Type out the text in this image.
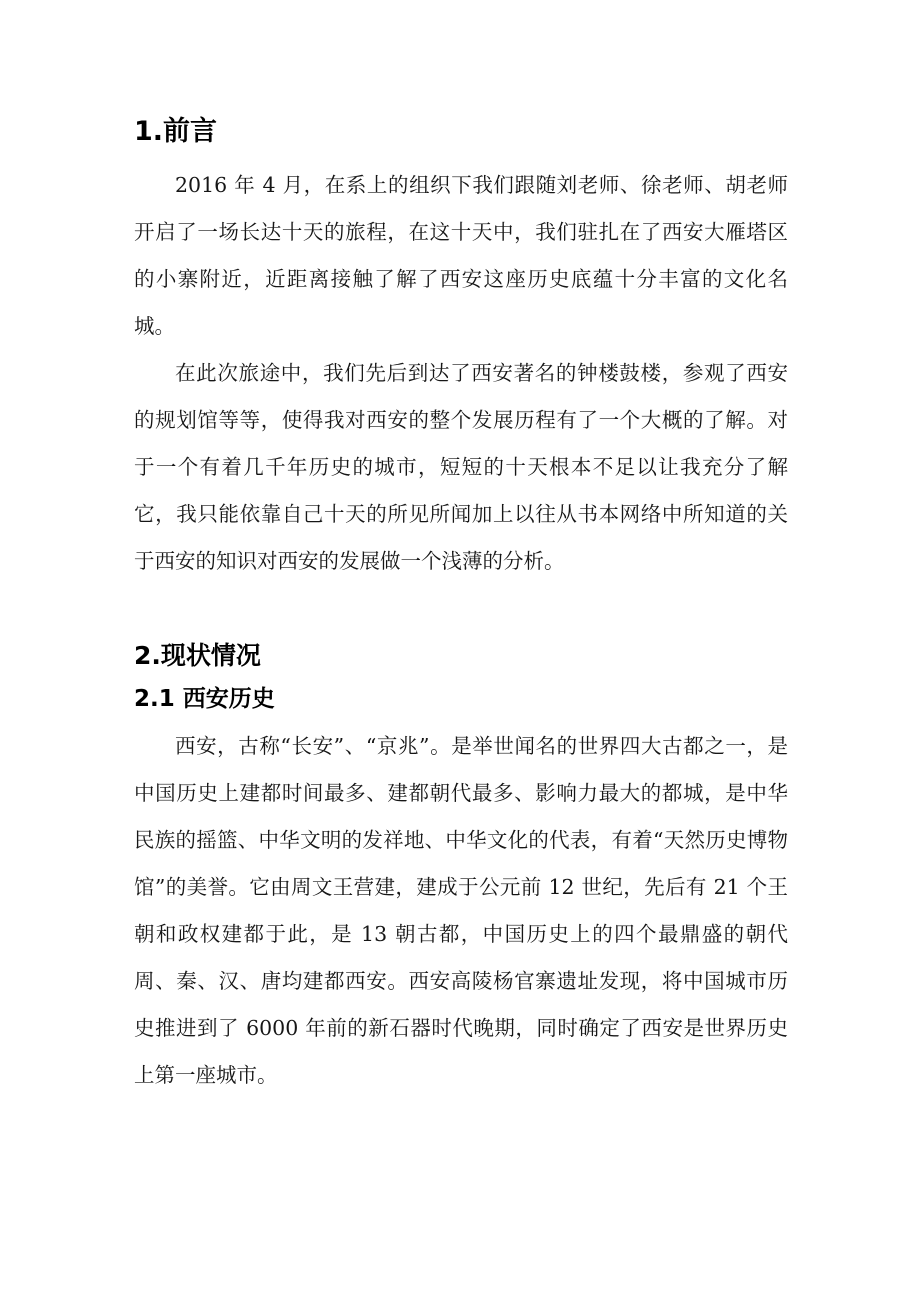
1.前言

2016 年 4 月，在系上的组织下我们跟随刘老师、徐老师、胡老师开启了一场长达十天的旅程，在这十天中，我们驻扎在了西安大雁塔区的小寨附近，近距离接触了解了西安这座历史底蕴十分丰富的文化名城。

在此次旅途中，我们先后到达了西安著名的钟楼鼓楼，参观了西安的规划馆等等，使得我对西安的整个发展历程有了一个大概的了解。对于一个有着几千年历史的城市，短短的十天根本不足以让我充分了解它，我只能依靠自己十天的所见所闻加上以往从书本网络中所知道的关于西安的知识对西安的发展做一个浅薄的分析。

2.现状情况
2.1 西安历史

西安，古称“长安”、“京兆”。是举世闻名的世界四大古都之一，是中国历史上建都时间最多、建都朝代最多、影响力最大的都城，是中华民族的摇篮、中华文明的发祥地、中华文化的代表，有着“天然历史博物馆”的美誉。它由周文王营建，建成于公元前 12 世纪，先后有 21 个王朝和政权建都于此，是 13 朝古都，中国历史上的四个最鼎盛的朝代周、秦、汉、唐均建都西安。西安高陵杨官寨遗址发现，将中国城市历史推进到了 6000 年前的新石器时代晚期，同时确定了西安是世界历史上第一座城市。
